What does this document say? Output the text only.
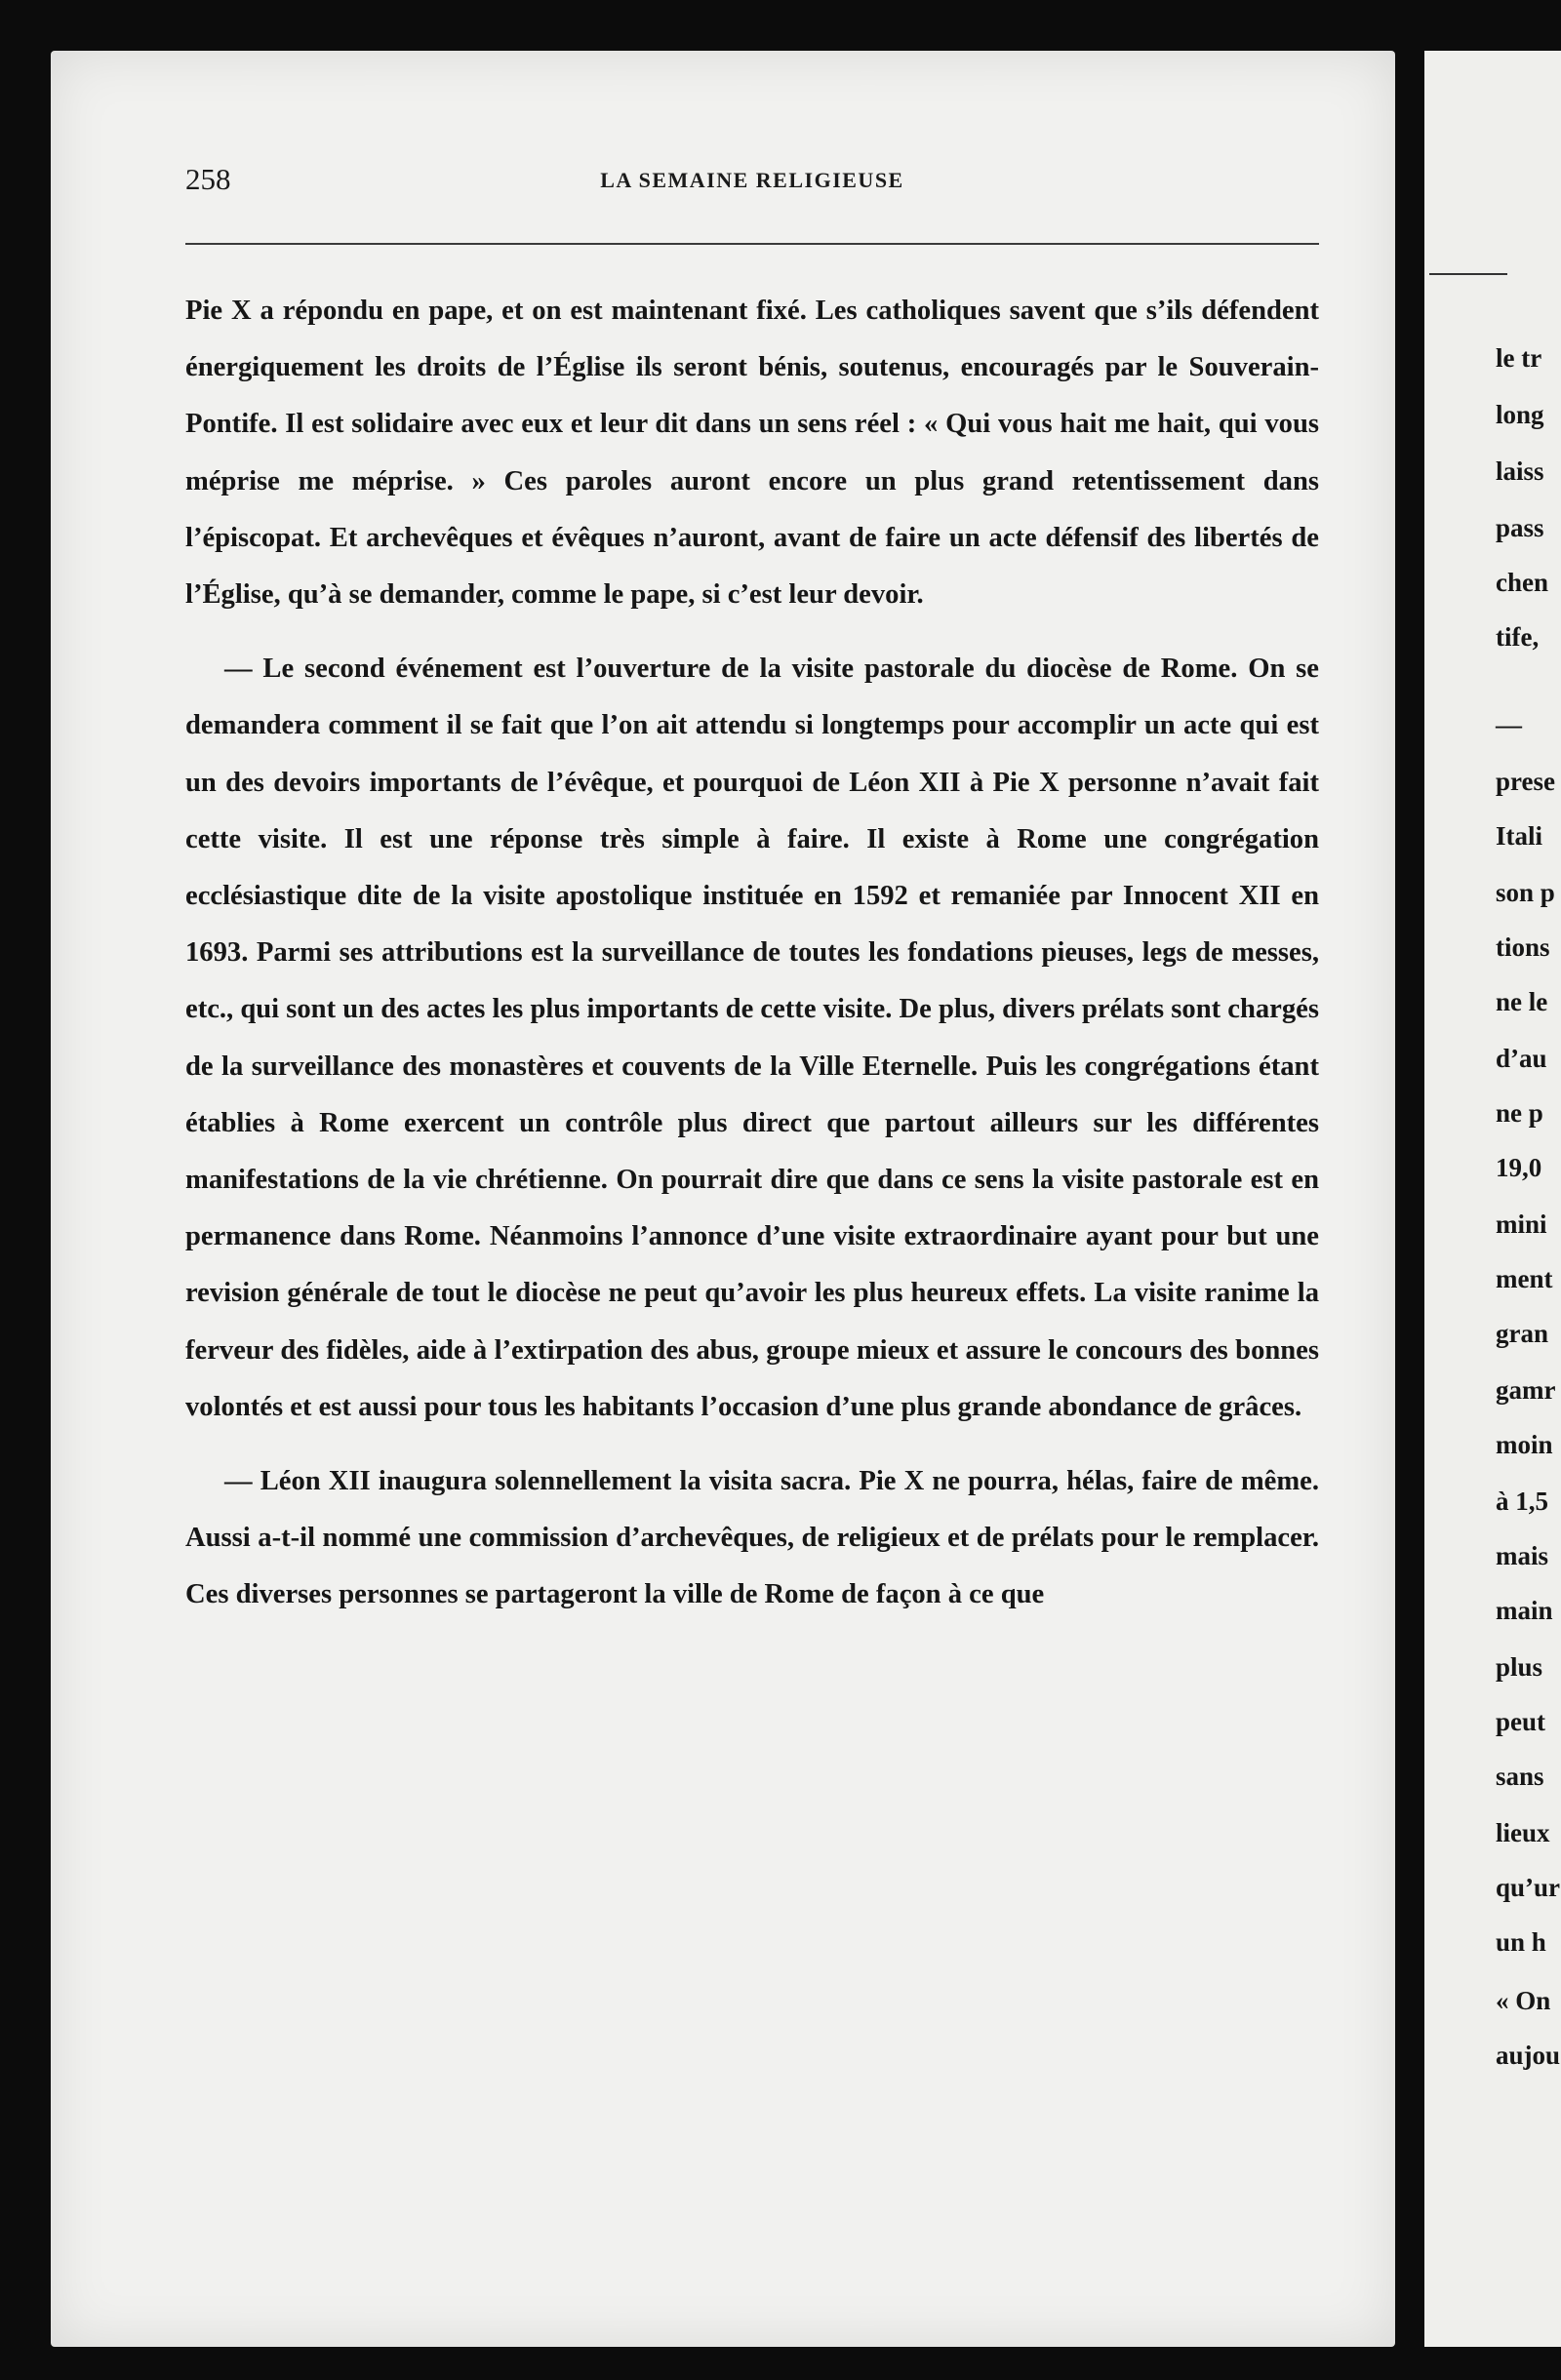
258	LA SEMAINE RELIGIEUSE

Pie X a répondu en pape, et on est maintenant fixé. Les catholiques savent que s’ils défendent énergiquement les droits de l’Église ils seront bénis, soutenus, encouragés par le Souverain-Pontife. Il est solidaire avec eux et leur dit dans un sens réel : « Qui vous hait me hait, qui vous méprise me méprise. » Ces paroles auront encore un plus grand retentissement dans l’épiscopat. Et archevêques et évêques n’auront, avant de faire un acte défensif des libertés de l’Église, qu’à se demander, comme le pape, si c’est leur devoir.

— Le second événement est l’ouverture de la visite pastorale du diocèse de Rome. On se demandera comment il se fait que l’on ait attendu si longtemps pour accomplir un acte qui est un des devoirs importants de l’évêque, et pourquoi de Léon XII à Pie X personne n’avait fait cette visite. Il est une réponse très simple à faire. Il existe à Rome une congrégation ecclésiastique dite de la visite apostolique instituée en 1592 et remaniée par Innocent XII en 1693. Parmi ses attributions est la surveillance de toutes les fondations pieuses, legs de messes, etc., qui sont un des actes les plus importants de cette visite. De plus, divers prélats sont chargés de la surveillance des monastères et couvents de la Ville Eternelle. Puis les congrégations étant établies à Rome exercent un contrôle plus direct que partout ailleurs sur les différentes manifestations de la vie chrétienne. On pourrait dire que dans ce sens la visite pastorale est en permanence dans Rome. Néanmoins l’annonce d’une visite extraordinaire ayant pour but une revision générale de tout le diocèse ne peut qu’avoir les plus heureux effets. La visite ranime la ferveur des fidèles, aide à l’extirpation des abus, groupe mieux et assure le concours des bonnes volontés et est aussi pour tous les habitants l’occasion d’une plus grande abondance de grâces.

— Léon XII inaugura solennellement la visita sacra. Pie X ne pourra, hélas, faire de même. Aussi a-t-il nommé une commission d’archevêques, de religieux et de prélats pour le remplacer. Ces diverses personnes se partageront la ville de Rome de façon à ce que

le tr
long
laiss
pass
chen
tife,
—
prese
Itali
son p
tions
ne le
d’au
ne p
19,0
mini
ment
gran
gamr
moin
à 1,5
mais
main
plus
peut
sans
lieux
qu’ur
un h
« On
aujou
